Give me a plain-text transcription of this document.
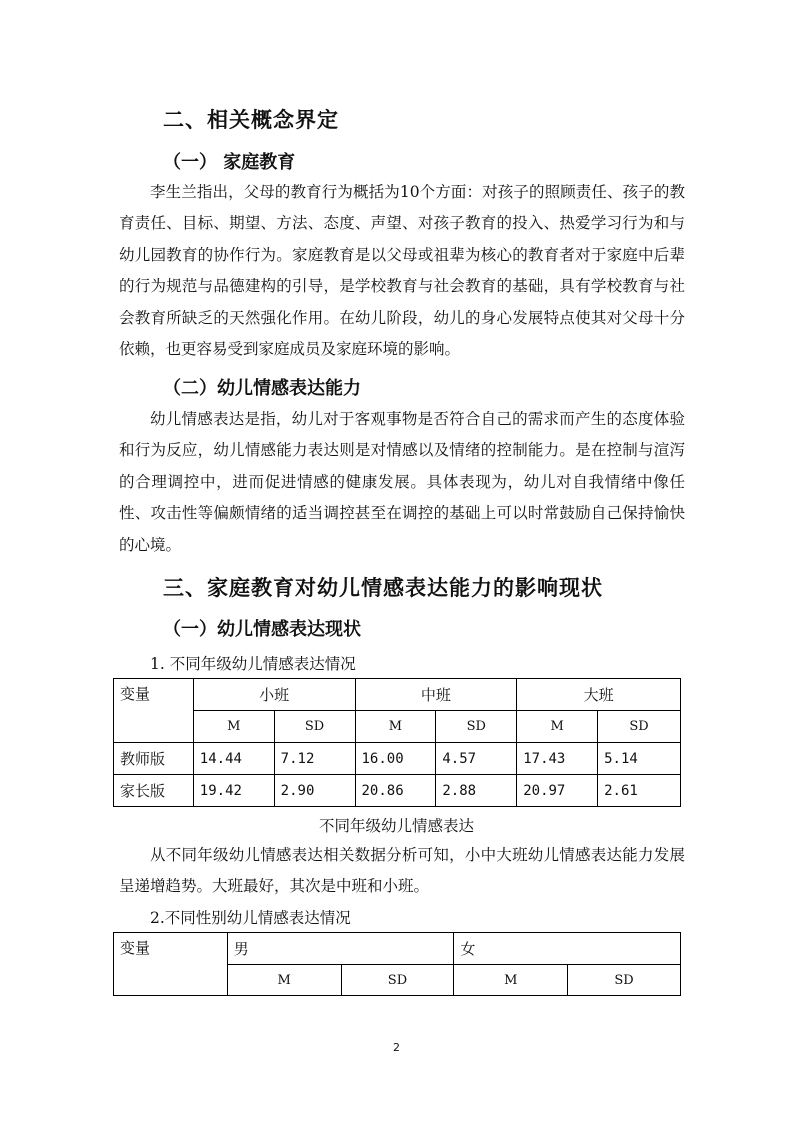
二、相关概念界定
（一） 家庭教育

李生兰指出，父母的教育行为概括为10个方面：对孩子的照顾责任、孩子的教育责任、目标、期望、方法、态度、声望、对孩子教育的投入、热爱学习行为和与幼儿园教育的协作行为。家庭教育是以父母或祖辈为核心的教育者对于家庭中后辈的行为规范与品德建构的引导，是学校教育与社会教育的基础，具有学校教育与社会教育所缺乏的天然强化作用。在幼儿阶段，幼儿的身心发展特点使其对父母十分依赖，也更容易受到家庭成员及家庭环境的影响。

（二）幼儿情感表达能力

幼儿情感表达是指，幼儿对于客观事物是否符合自己的需求而产生的态度体验和行为反应，幼儿情感能力表达则是对情感以及情绪的控制能力。是在控制与渲泻的合理调控中，进而促进情感的健康发展。具体表现为，幼儿对自我情绪中像任性、攻击性等偏颇情绪的适当调控甚至在调控的基础上可以时常鼓励自己保持愉快的心境。

三、家庭教育对幼儿情感表达能力的影响现状
（一）幼儿情感表达现状
1. 不同年级幼儿情感表达情况
变量	小班		中班		大班	
	M	SD	M	SD	M	SD
教师版	14.44	7.12	16.00	4.57	17.43	5.14
家长版	19.42	2.90	20.86	2.88	20.97	2.61
不同年级幼儿情感表达

从不同年级幼儿情感表达相关数据分析可知，小中大班幼儿情感表达能力发展呈递增趋势。大班最好，其次是中班和小班。

2.不同性别幼儿情感表达情况
变量	男		女	
	M	SD	M	SD
2
